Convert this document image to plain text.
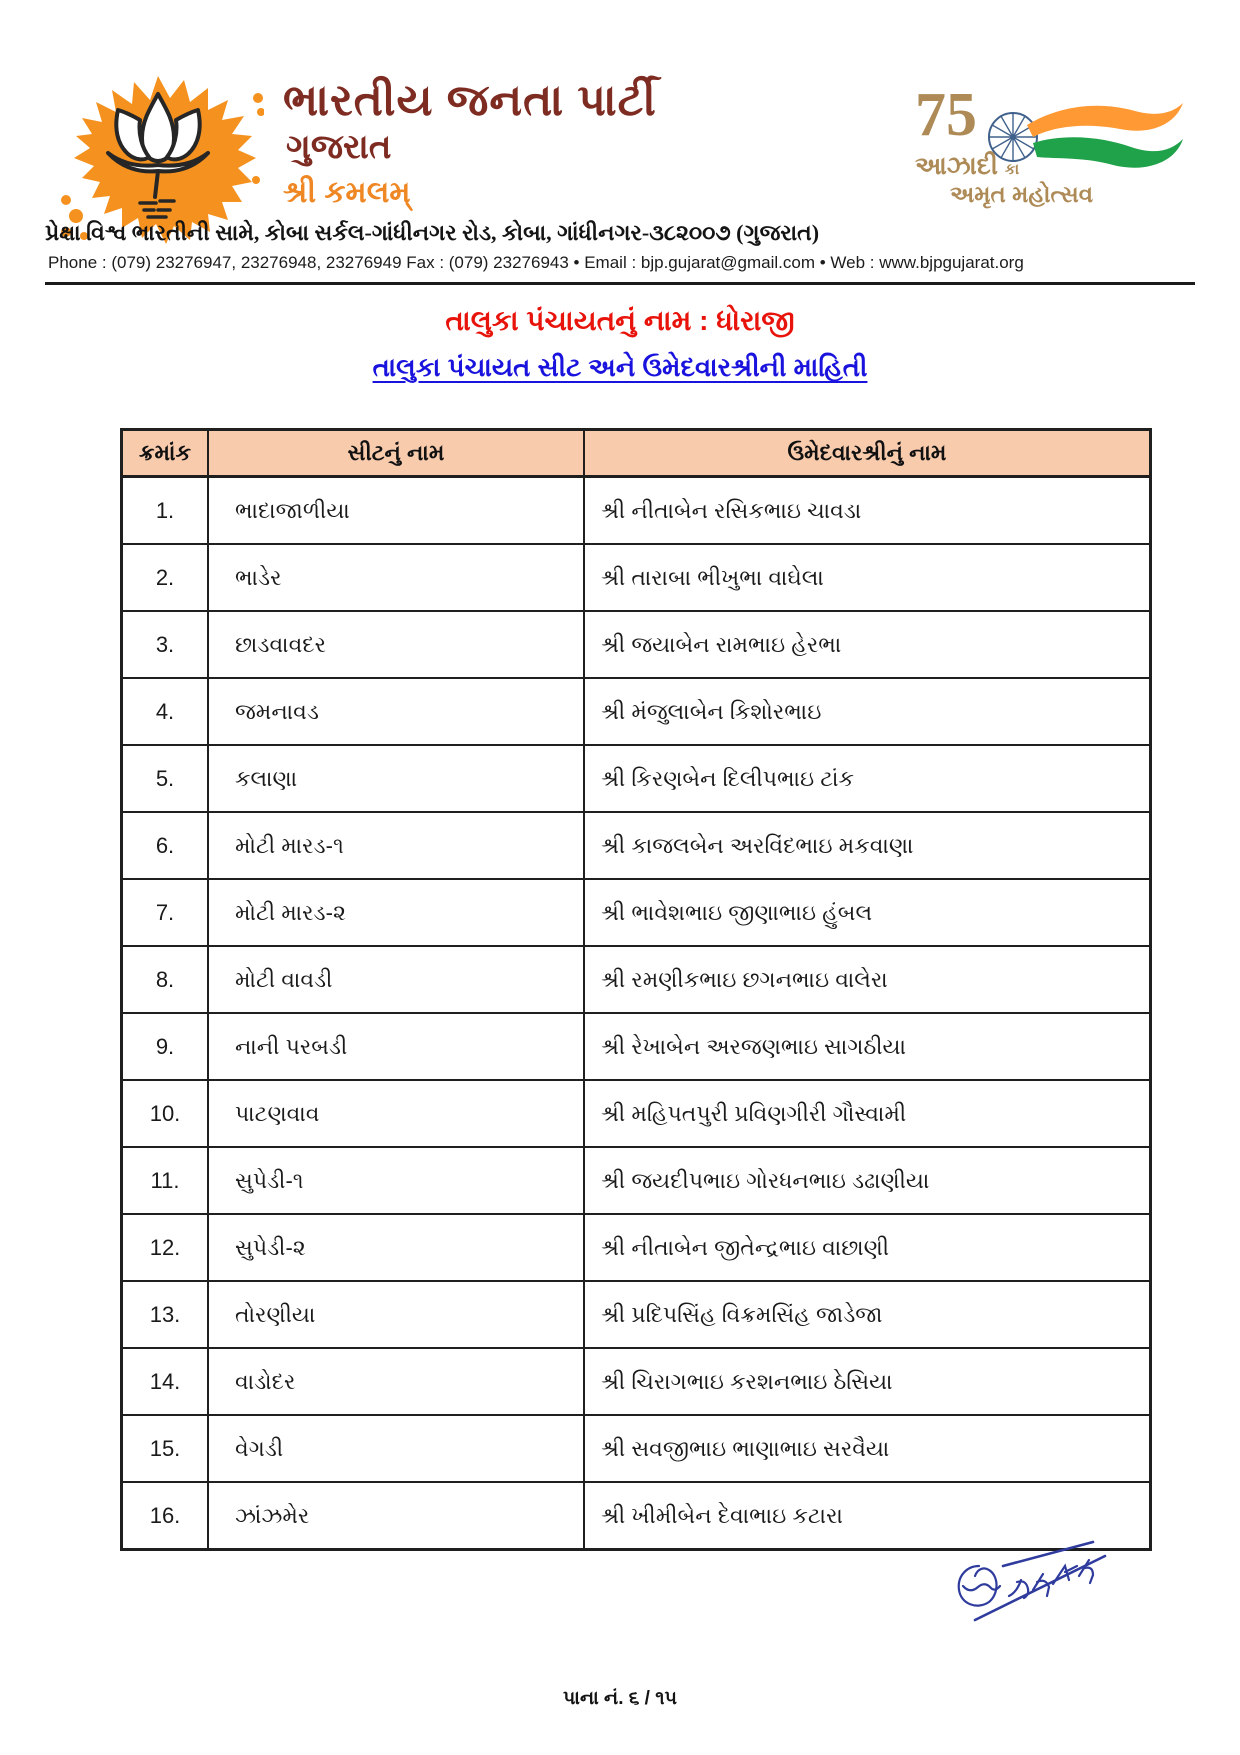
ભારતીય જનતા પાર્ટી
ગુજરાત
શ્રી કમલમ્
75
આઝાદી કા
અમૃત મહોત્સવ
પ્રેક્ષા વિશ્વ ભારતીની સામે, કોબા સર્કલ-ગાંધીનગર રોડ, કોબા, ગાંધીનગર-૩૮૨૦૦૭ (ગુજરાત)
Phone : (079) 23276947, 23276948, 23276949 Fax : (079) 23276943 • Email : bjp.gujarat@gmail.com • Web : www.bjpgujarat.org
તાલુકા પંચાયતનું નામ : ધોરાજી
તાલુકા પંચાયત સીટ અને ઉમેદવારશ્રીની માહિતી
ક્રમાંક	સીટનું નામ	ઉમેદવારશ્રીનું નામ
1.	ભાદાજાળીયા	શ્રી નીતાબેન રસિકભાઇ ચાવડા
2.	ભાડેર	શ્રી તારાબા ભીખુભા વાઘેલા
3.	છાડવાવદર	શ્રી જયાબેન રામભાઇ હેરભા
4.	જમનાવડ	શ્રી મંજુલાબેન કિશોરભાઇ
5.	કલાણા	શ્રી કિરણબેન દિલીપભાઇ ટાંક
6.	મોટી મારડ-૧	શ્રી કાજલબેન અરવિંદભાઇ મકવાણા
7.	મોટી મારડ-૨	શ્રી ભાવેશભાઇ જીણાભાઇ હુંબલ
8.	મોટી વાવડી	શ્રી રમણીકભાઇ છગનભાઇ વાલેરા
9.	નાની પરબડી	શ્રી રેખાબેન અરજણભાઇ સાગઠીયા
10.	પાટણવાવ	શ્રી મહિપતપુરી પ્રવિણગીરી ગૌસ્વામી
11.	સુપેડી-૧	શ્રી જયદીપભાઇ ગોરધનભાઇ ડઢાણીયા
12.	સુપેડી-૨	શ્રી નીતાબેન જીતેન્દ્રભાઇ વાછાણી
13.	તોરણીયા	શ્રી પ્રદિપસિંહ વિક્રમસિંહ જાડેજા
14.	વાડોદર	શ્રી ચિરાગભાઇ કરશનભાઇ ઠેસિયા
15.	વેગડી	શ્રી સવજીભાઇ ભાણાભાઇ સરવૈયા
16.	ઝાંઝમેર	શ્રી ખીમીબેન દેવાભાઇ કટારા
પાના નં. ૬ / ૧૫
